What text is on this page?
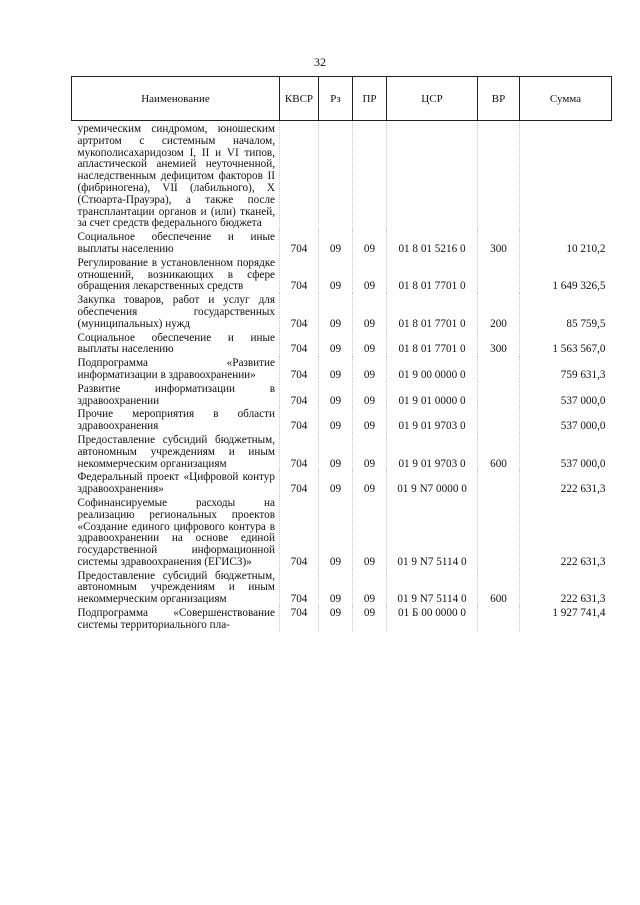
32
Наименование	КВСР	Рз	ПР	ЦСР	ВР	Сумма
уремическим синдромом, юношеским артритом с системным началом, мукополисахаридозом I, II и VI типов, апластической анемией неуточненной, наследственным дефицитом факторов II (фибриногена), VII (лабильного), X (Стюарта-Прауэра), а также после трансплантации органов и (или) тканей, за счет средств федерального бюджета						
Социальное обеспечение и иные выплаты населению	704	09	09	01 8 01 5216 0	300	10 210,2
Регулирование в установленном порядке отношений, возникающих в сфере обращения лекарственных средств	704	09	09	01 8 01 7701 0		1 649 326,5
Закупка товаров, работ и услуг для обеспечения государственных (муниципальных) нужд	704	09	09	01 8 01 7701 0	200	85 759,5
Социальное обеспечение и иные выплаты населению	704	09	09	01 8 01 7701 0	300	1 563 567,0
Подпрограмма «Развитие информатизации в здравоохранении»	704	09	09	01 9 00 0000 0		759 631,3
Развитие информатизации в здравоохранении	704	09	09	01 9 01 0000 0		537 000,0
Прочие мероприятия в области здравоохранения	704	09	09	01 9 01 9703 0		537 000,0
Предоставление субсидий бюджетным, автономным учреждениям и иным некоммерческим организациям	704	09	09	01 9 01 9703 0	600	537 000,0
Федеральный проект «Цифровой контур здравоохранения»	704	09	09	01 9 N7 0000 0		222 631,3
Софинансируемые расходы на реализацию региональных проектов «Создание единого цифрового контура в здравоохранении на основе единой государственной информационной системы здравоохранения (ЕГИСЗ)»	704	09	09	01 9 N7 5114 0		222 631,3
Предоставление субсидий бюджетным, автономным учреждениям и иным некоммерческим организациям	704	09	09	01 9 N7 5114 0	600	222 631,3
Подпрограмма «Совершенствование системы территориального пла-	704	09	09	01 Б 00 0000 0		1 927 741,4
